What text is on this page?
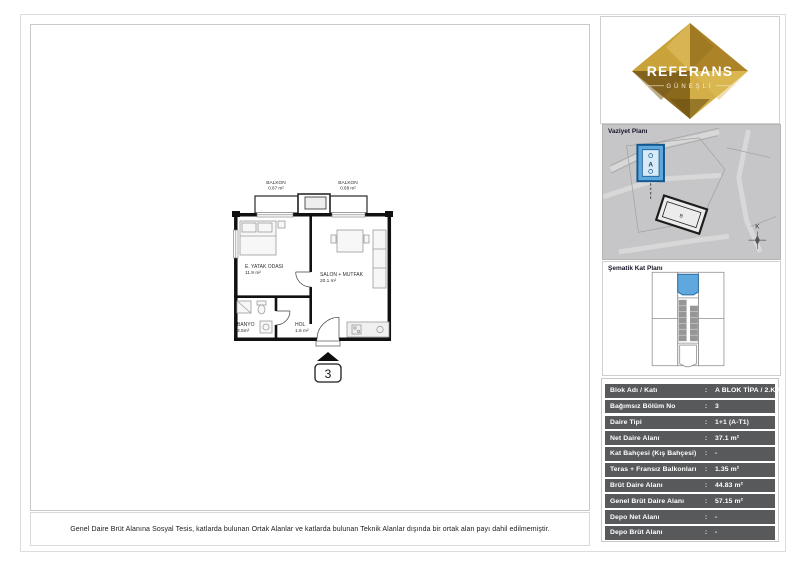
BALKON
0.67 m²
BALKON
0.68 m²
E. YATAK ODASI
11.9 m²	SALON + MUTFAK
20.1 m²
BANYO
3.5m²
HOL
1.6 m²
3
REFERANS
GÜNEŞLİ
Vaziyet Planı
A
B
K
Şematik Kat Planı
Blok Adı / Katı	:	A BLOK TİPA / 2.KAT
Bağımsız Bölüm No	:	3
Daire Tipi	:	1+1 (A-T1)
Net Daire Alanı	:	37.1 m²
Kat Bahçesi (Kış Bahçesi)	:	-
Teras + Fransız Balkonları	:	1.35 m²
Brüt Daire Alanı	:	44.83 m²
Genel Brüt Daire Alanı	:	57.15 m²
Depo Net Alanı	:	-
Depo Brüt Alanı	:	-
Genel Daire Brüt Alanına Sosyal Tesis, katlarda bulunan Ortak Alanlar ve katlarda bulunan Teknik Alanlar dışında bir ortak alan payı dahil edilmemiştir.
